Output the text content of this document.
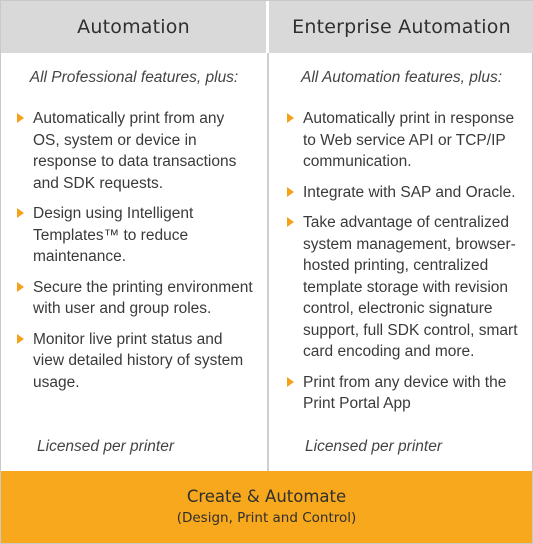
Automation	Enterprise Automation
All Professional features, plus:
Automatically print from any OS, system or device in response to data transactions and SDK requests.
Design using Intelligent Templates™ to reduce maintenance.
Secure the printing environment with user and group roles.
Monitor live print status and view detailed history of system usage.
Licensed per printer
All Automation features, plus:
Automatically print in response to Web service API or TCP/IP communication.
Integrate with SAP and Oracle.
Take advantage of centralized system management, browser-hosted printing, centralized template storage with revision control, electronic signature support, full SDK control, smart card encoding and more.
Print from any device with the Print Portal App
Licensed per printer
Create & Automate
(Design, Print and Control)
